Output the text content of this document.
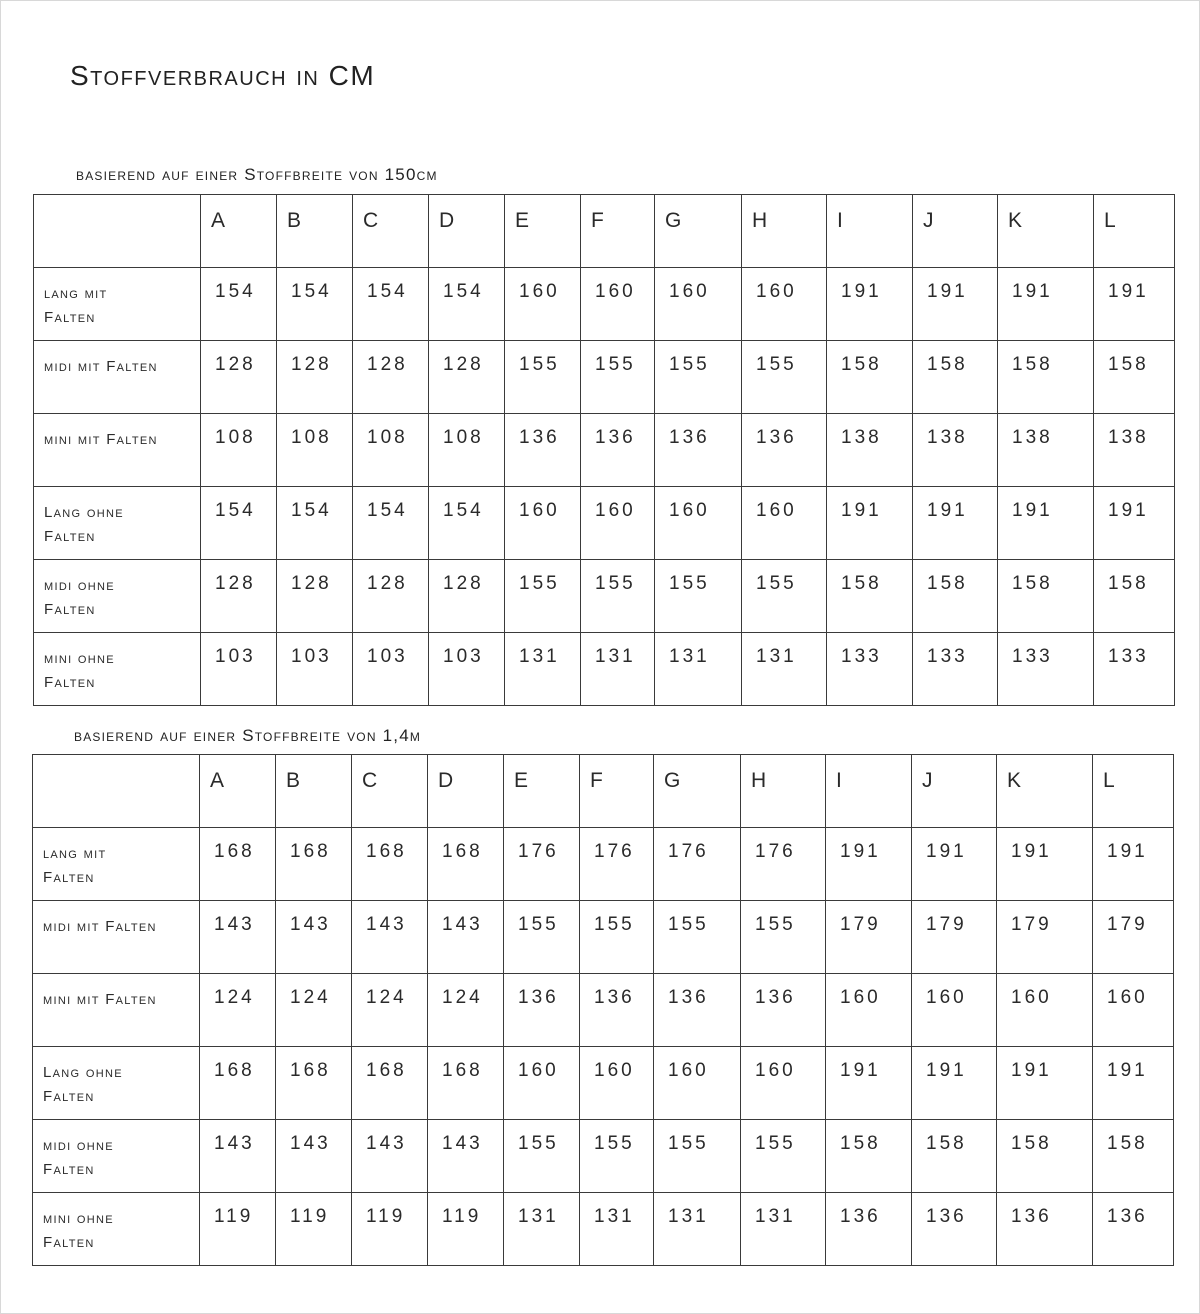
Stoffverbrauch in CM
basierend auf einer Stoffbreite von 150cm

	A	B	C	D	E	F	G	H	I	J	K	L

lang mit
Falten	154	154	154	154	160	160	160	160	191	191	191	191

midi mit Falten	128	128	128	128	155	155	155	155	158	158	158	158

mini mit Falten	108	108	108	108	136	136	136	136	138	138	138	138

Lang ohne
Falten	154	154	154	154	160	160	160	160	191	191	191	191

midi ohne
Falten	128	128	128	128	155	155	155	155	158	158	158	158

mini ohne
Falten	103	103	103	103	131	131	131	131	133	133	133	133
basierend auf einer Stoffbreite von 1,4m

	A	B	C	D	E	F	G	H	I	J	K	L

lang mit
Falten	168	168	168	168	176	176	176	176	191	191	191	191

midi mit Falten	143	143	143	143	155	155	155	155	179	179	179	179

mini mit Falten	124	124	124	124	136	136	136	136	160	160	160	160

Lang ohne
Falten	168	168	168	168	160	160	160	160	191	191	191	191

midi ohne
Falten	143	143	143	143	155	155	155	155	158	158	158	158

mini ohne
Falten	119	119	119	119	131	131	131	131	136	136	136	136
